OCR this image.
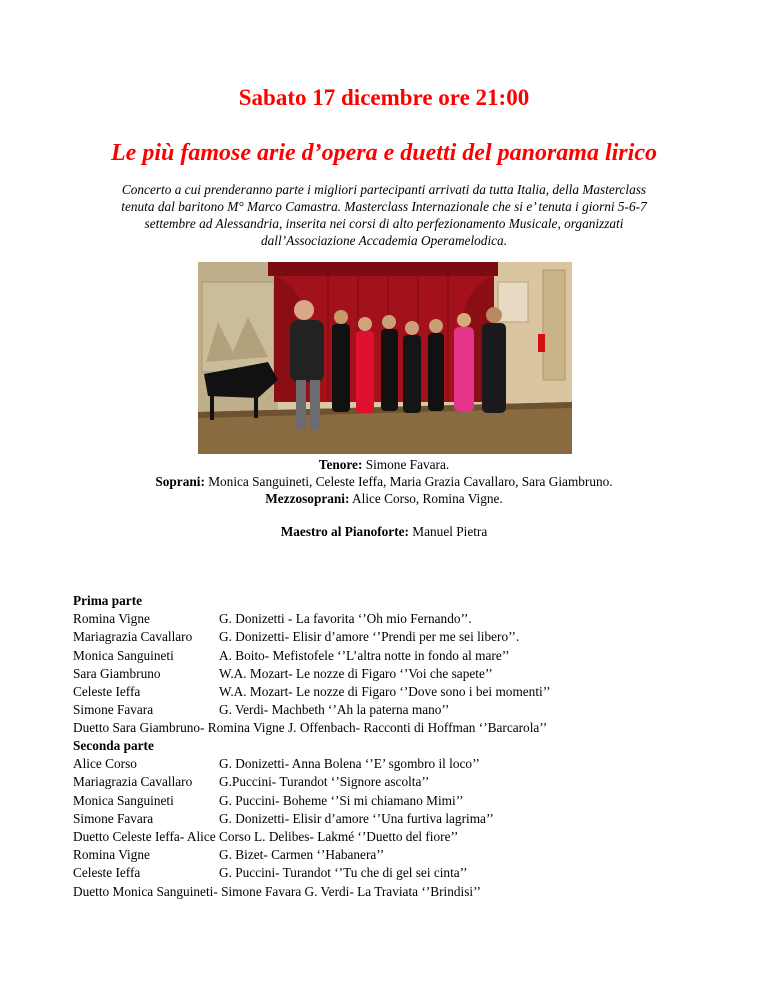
Sabato 17 dicembre ore 21:00
Le più famose arie d’opera e duetti del panorama lirico
Concerto a cui prenderanno parte i migliori partecipanti arrivati da tutta Italia, della Masterclass
tenuta dal baritono M° Marco Camastra. Masterclass Internazionale che si e’ tenuta i giorni 5-6-7
settembre ad Alessandria, inserita nei corsi di alto perfezionamento Musicale, organizzati
dall’Associazione Accademia Operamelodica.
Tenore: Simone Favara.
Soprani: Monica Sanguineti, Celeste Ieffa, Maria Grazia Cavallaro, Sara Giambruno.
Mezzosoprani: Alice Corso, Romina Vigne.
Maestro al Pianoforte: Manuel Pietra
Prima parte
Romina Vigne	G. Donizetti - La favorita ‘’Oh mio Fernando’’.
Mariagrazia Cavallaro G. Donizetti- Elisir d’amore ‘’Prendi per me sei libero’’.
Monica Sanguineti	A. Boito- Mefistofele ‘’L’altra notte in fondo al mare’’
Sara Giambruno	W.A. Mozart- Le nozze di Figaro ‘’Voi che sapete’’
Celeste Ieffa	W.A. Mozart- Le nozze di Figaro ‘’Dove sono i bei momenti’’
Simone Favara	G. Verdi- Machbeth ‘’Ah la paterna mano’’
Duetto Sara Giambruno- Romina Vigne J. Offenbach- Racconti di Hoffman ‘’Barcarola’’
Seconda parte
Alice Corso	G. Donizetti- Anna Bolena ‘’E’ sgombro il loco’’
Mariagrazia Cavallaro G.Puccini- Turandot ‘’Signore ascolta’’
Monica Sanguineti	G. Puccini- Boheme ‘’Si mi chiamano Mimi’’
Simone Favara	G. Donizetti- Elisir d’amore ‘’Una furtiva lagrima’’
Duetto Celeste Ieffa- Alice Corso L. Delibes- Lakmé ‘’Duetto del fiore’’
Romina Vigne	G. Bizet- Carmen ‘’Habanera’’
Celeste Ieffa	G. Puccini- Turandot ‘’Tu che di gel sei cinta’’
Duetto Monica Sanguineti- Simone Favara G. Verdi- La Traviata ‘’Brindisi’’
